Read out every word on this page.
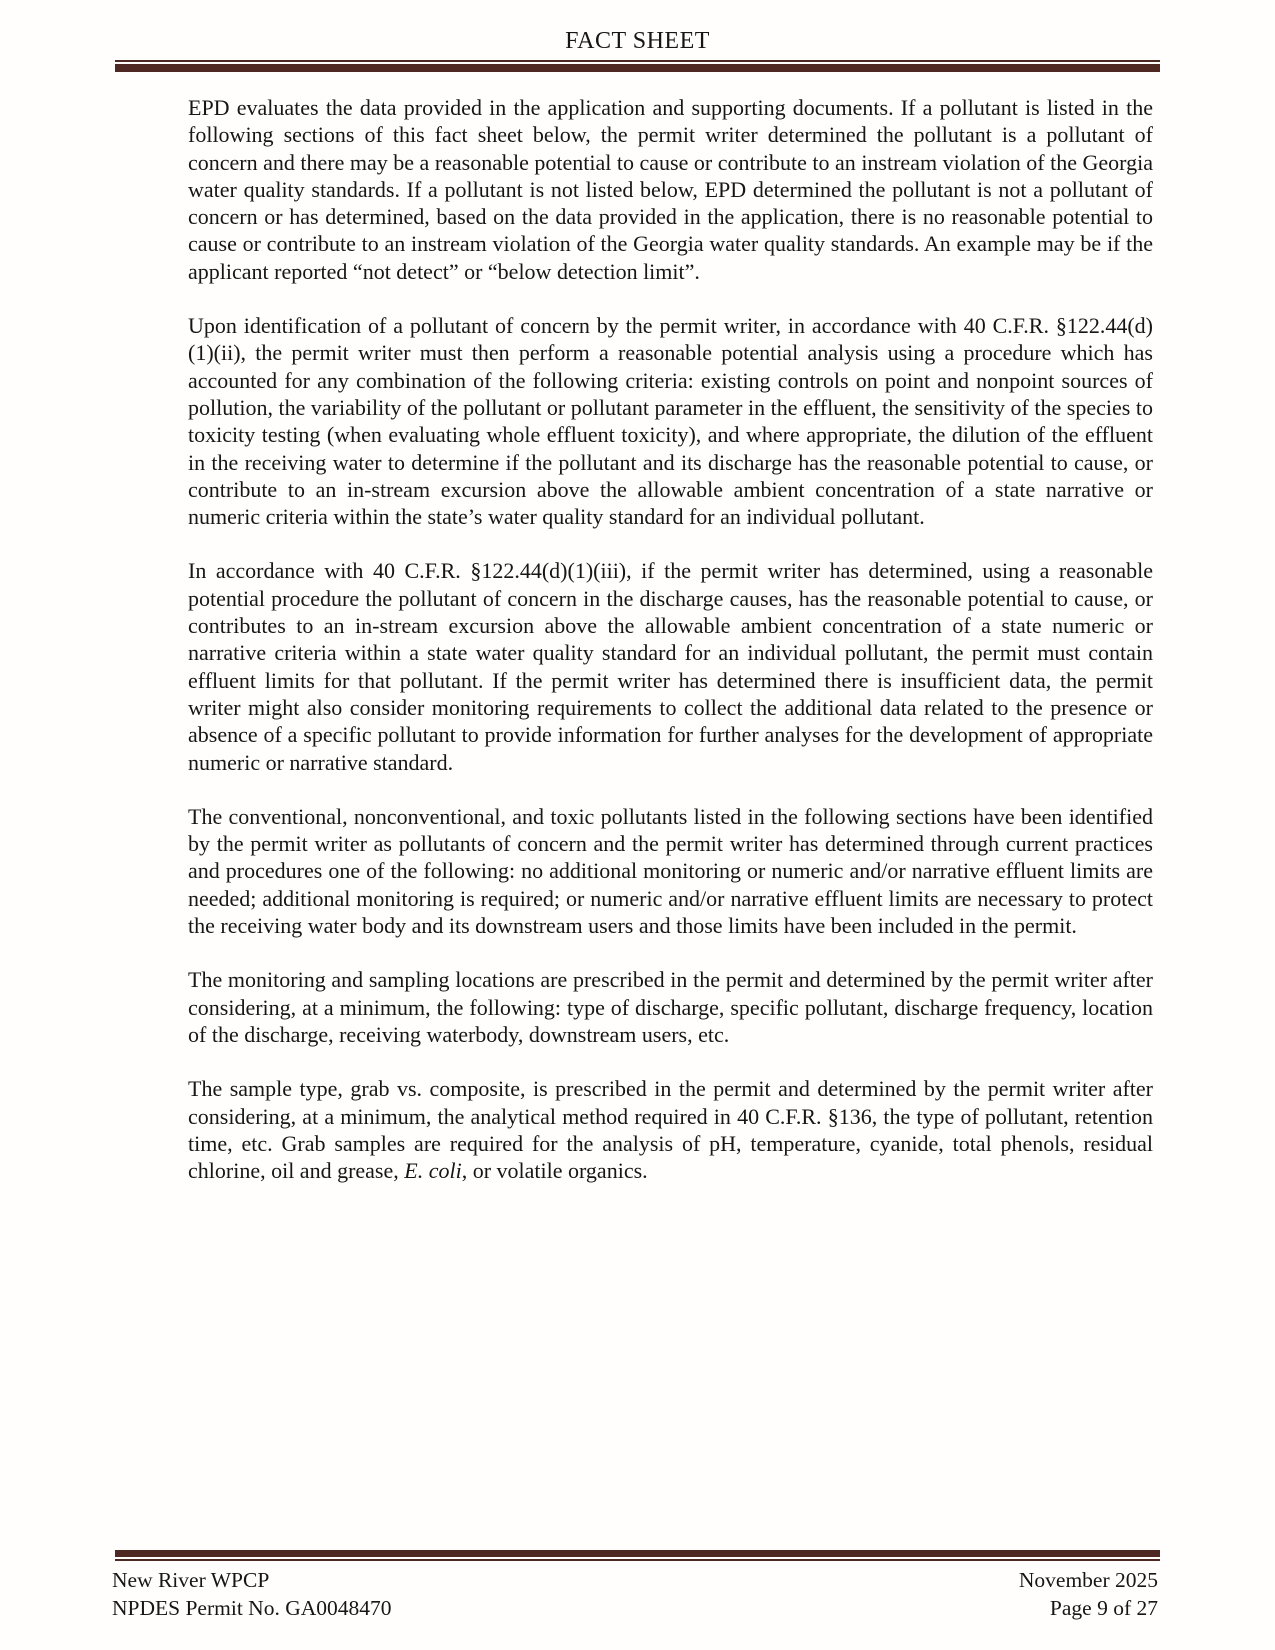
FACT SHEET

EPD evaluates the data provided in the application and supporting documents. If a pollutant is listed in the following sections of this fact sheet below, the permit writer determined the pollutant is a pollutant of concern and there may be a reasonable potential to cause or contribute to an instream violation of the Georgia water quality standards. If a pollutant is not listed below, EPD determined the pollutant is not a pollutant of concern or has determined, based on the data provided in the application, there is no reasonable potential to cause or contribute to an instream violation of the Georgia water quality standards. An example may be if the applicant reported “not detect” or “below detection limit”.

Upon identification of a pollutant of concern by the permit writer, in accordance with 40 C.F.R. §122.44(d)(1)(ii), the permit writer must then perform a reasonable potential analysis using a procedure which has accounted for any combination of the following criteria: existing controls on point and nonpoint sources of pollution, the variability of the pollutant or pollutant parameter in the effluent, the sensitivity of the species to toxicity testing (when evaluating whole effluent toxicity), and where appropriate, the dilution of the effluent in the receiving water to determine if the pollutant and its discharge has the reasonable potential to cause, or contribute to an in-stream excursion above the allowable ambient concentration of a state narrative or numeric criteria within the state’s water quality standard for an individual pollutant.

In accordance with 40 C.F.R. §122.44(d)(1)(iii), if the permit writer has determined, using a reasonable potential procedure the pollutant of concern in the discharge causes, has the reasonable potential to cause, or contributes to an in-stream excursion above the allowable ambient concentration of a state numeric or narrative criteria within a state water quality standard for an individual pollutant, the permit must contain effluent limits for that pollutant. If the permit writer has determined there is insufficient data, the permit writer might also consider monitoring requirements to collect the additional data related to the presence or absence of a specific pollutant to provide information for further analyses for the development of appropriate numeric or narrative standard.

The conventional, nonconventional, and toxic pollutants listed in the following sections have been identified by the permit writer as pollutants of concern and the permit writer has determined through current practices and procedures one of the following: no additional monitoring or numeric and/or narrative effluent limits are needed; additional monitoring is required; or numeric and/or narrative effluent limits are necessary to protect the receiving water body and its downstream users and those limits have been included in the permit.

The monitoring and sampling locations are prescribed in the permit and determined by the permit writer after considering, at a minimum, the following: type of discharge, specific pollutant, discharge frequency, location of the discharge, receiving waterbody, downstream users, etc.

The sample type, grab vs. composite, is prescribed in the permit and determined by the permit writer after considering, at a minimum, the analytical method required in 40 C.F.R. §136, the type of pollutant, retention time, etc. Grab samples are required for the analysis of pH, temperature, cyanide, total phenols, residual chlorine, oil and grease, E. coli, or volatile organics.

New River WPCP
NPDES Permit No. GA0048470
November 2025
Page 9 of 27
